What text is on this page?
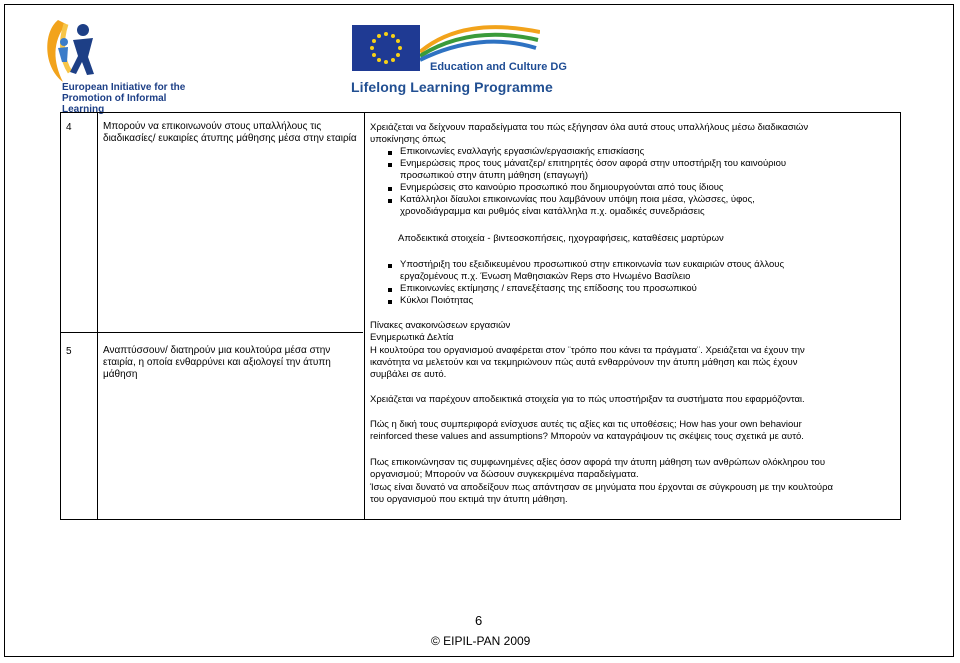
European Initiative for the
Promotion of Informal Learning
Education and Culture DG
Lifelong Learning Programme
4	Μπορούν να επικοινωνούν στους υπαλλήλους τις διαδικασίες/ ευκαιρίες άτυπης μάθησης μέσα στην εταιρία
Χρειάζεται να δείχνουν παραδείγματα του πώς εξήγησαν όλα αυτά στους υπαλλήλους μέσω διαδικασιών
υποκίνησης όπως
Επικοινωνίες εναλλαγής εργασιών/εργασιακής επισκίασης
Ενημερώσεις προς τους μάνατζερ/ επιτηρητές όσον αφορά στην υποστήριξη του καινούριου
προσωπικού στην άτυπη μάθηση (επαγωγή)
Ενημερώσεις στο καινούριο προσωπικό που δημιουργούνται από τους ίδιους
Κατάλληλοι δίαυλοι επικοινωνίας που λαμβάνουν υπόψη ποια μέσα, γλώσσες, ύφος,
χρονοδιάγραμμα και ρυθμός είναι κατάλληλα π.χ. ομαδικές συνεδριάσεις
Αποδεικτικά στοιχεία - βιντεοσκοπήσεις, ηχογραφήσεις, καταθέσεις μαρτύρων
Υποστήριξη του εξειδικευμένου προσωπικού στην επικοινωνία των ευκαιριών στους άλλους
εργαζομένους π.χ. Ένωση Μαθησιακών Reps στο Ηνωμένο Βασίλειο
Επικοινωνίες εκτίμησης / επανεξέτασης της επίδοσης του προσωπικού
Κύκλοι Ποιότητας
Πίνακες ανακοινώσεων εργασιών
Ενημερωτικά Δελτία
5	Αναπτύσσουν/ διατηρούν μια κουλτούρα μέσα στην εταιρία, η οποία ενθαρρύνει και αξιολογεί την άτυπη μάθηση
Η κουλτούρα του οργανισμού αναφέρεται στον ¨τρόπο που κάνει τα πράγματα¨. Χρειάζεται να έχουν την
ικανότητα να μελετούν και να τεκμηριώνουν πώς αυτά ενθαρρύνουν την άτυπη μάθηση και πώς έχουν
συμβάλει σε αυτό.
Χρειάζεται να παρέχουν αποδεικτικά στοιχεία για το πώς υποστήριξαν τα συστήματα που εφαρμόζονται.
Πώς η δική τους συμπεριφορά ενίσχυσε αυτές τις αξίες και τις υποθέσεις; How has your own behaviour
reinforced these values and assumptions? Μπορούν να καταγράψουν τις σκέψεις τους σχετικά με αυτό.
Πως επικοινώνησαν τις συμφωνημένες αξίες όσον αφορά την άτυπη μάθηση των ανθρώπων ολόκληρου του
οργανισμού; Μπορούν να δώσουν συγκεκριμένα παραδείγματα.
Ίσως είναι δυνατό να αποδείξουν πως απάντησαν σε μηνύματα που έρχονται σε σύγκρουση με την κουλτούρα
του οργανισμού που εκτιμά την άτυπη μάθηση.
6
© EIPIL-PAN 2009
